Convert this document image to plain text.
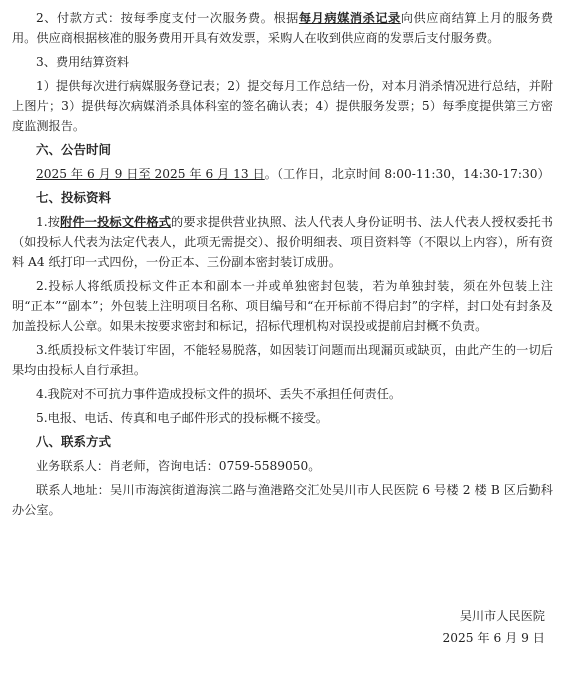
2、付款方式：按每季度支付一次服务费。根据每月病媒消杀记录向供应商结算上月的服务费用。供应商根据核准的服务费用开具有效发票，采购人在收到供应商的发票后支付服务费。

3、费用结算资料

1）提供每次进行病媒服务登记表；2）提交每月工作总结一份，对本月消杀情况进行总结，并附上图片；3）提供每次病媒消杀具体科室的签名确认表；4）提供服务发票；5）每季度提供第三方密度监测报告。

六、公告时间

2025 年 6 月 9 日至 2025 年 6 月 13 日。（工作日，北京时间 8:00-11:30，14:30-17:30）

七、投标资料

1.按附件一投标文件格式的要求提供营业执照、法人代表人身份证明书、法人代表人授权委托书（如投标人代表为法定代表人，此项无需提交）、报价明细表、项目资料等（不限以上内容），所有资料 A4 纸打印一式四份，一份正本、三份副本密封装订成册。

2.投标人将纸质投标文件正本和副本一并或单独密封包装，若为单独封装，须在外包装上注明“正本”“副本”；外包装上注明项目名称、项目编号和“在开标前不得启封”的字样，封口处有封条及加盖投标人公章。如果未按要求密封和标记，招标代理机构对误投或提前启封概不负责。

3.纸质投标文件装订牢固，不能轻易脱落，如因装订问题而出现漏页或缺页，由此产生的一切后果均由投标人自行承担。

4.我院对不可抗力事件造成投标文件的损坏、丢失不承担任何责任。

5.电报、电话、传真和电子邮件形式的投标概不接受。

八、联系方式

业务联系人：肖老师，咨询电话：0759-5589050。

联系人地址：吴川市海滨街道海滨二路与渔港路交汇处吴川市人民医院 6 号楼 2 楼 B 区后勤科办公室。

吴川市人民医院
2025 年 6 月 9 日
